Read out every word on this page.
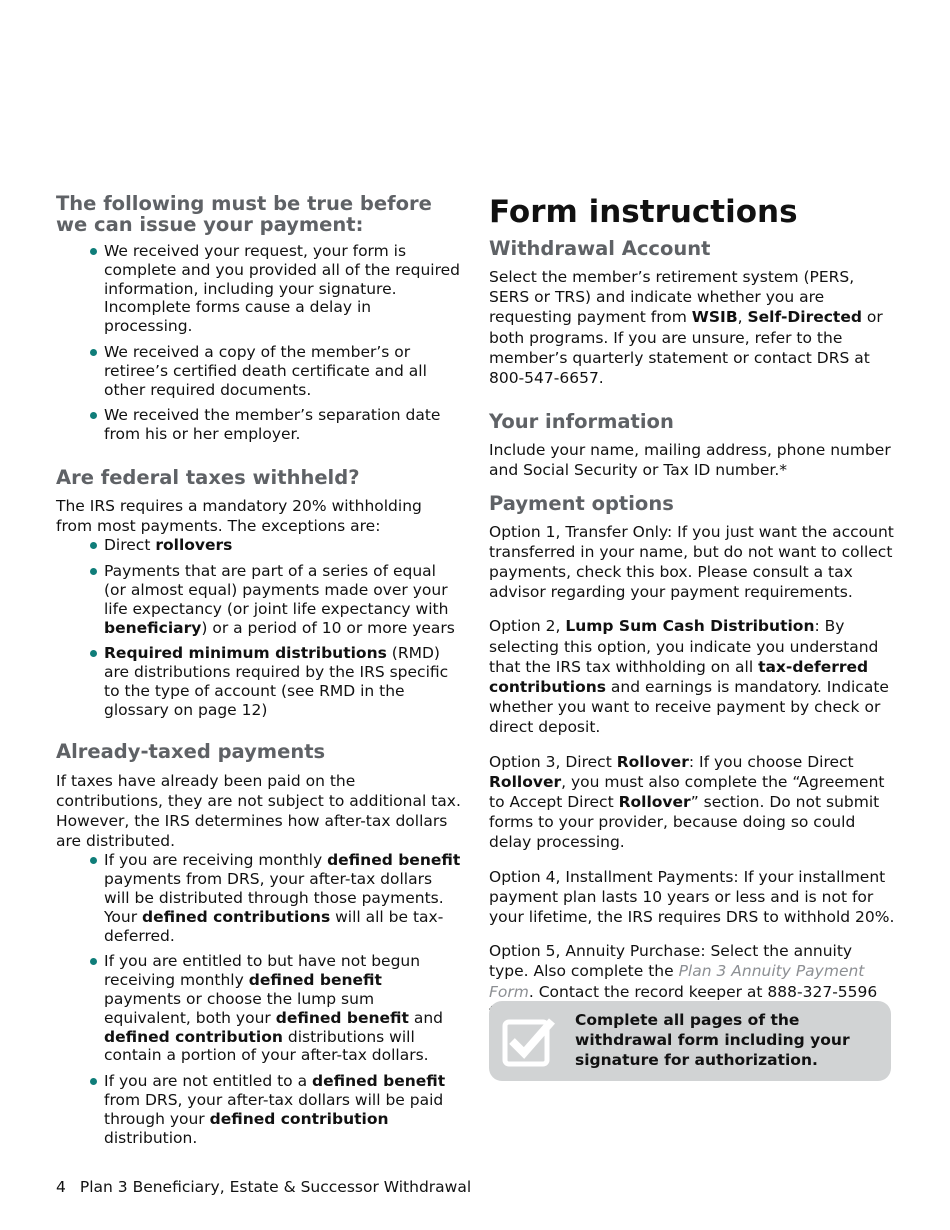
The following must be true before we can issue your payment:
We received your request, your form is complete and you provided all of the required information, including your signature. Incomplete forms cause a delay in processing.
We received a copy of the member’s or retiree’s certified death certificate and all other required documents.
We received the member’s separation date from his or her employer.
Are federal taxes withheld?

The IRS requires a mandatory 20% withholding from most payments. The exceptions are:

Direct rollovers
Payments that are part of a series of equal (or almost equal) payments made over your life expectancy (or joint life expectancy with beneficiary) or a period of 10 or more years
Required minimum distributions (RMD) are distributions required by the IRS specific to the type of account (see RMD in the glossary on page 12)
Already-taxed payments

If taxes have already been paid on the contributions, they are not subject to additional tax. However, the IRS determines how after-tax dollars are distributed.

If you are receiving monthly defined benefit payments from DRS, your after-tax dollars will be distributed through those payments. Your defined contributions will all be tax-deferred.
If you are entitled to but have not begun receiving monthly defined benefit payments or choose the lump sum equivalent, both your defined benefit and defined contribution distributions will contain a portion of your after-tax dollars.
If you are not entitled to a defined benefit from DRS, your after-tax dollars will be paid through your defined contribution distribution.
Form instructions
Withdrawal Account

Select the member’s retirement system (PERS, SERS or TRS) and indicate whether you are requesting payment from WSIB, Self-Directed or both programs. If you are unsure, refer to the member’s quarterly statement or contact DRS at 800-547-6657.

Your information

Include your name, mailing address, phone number and Social Security or Tax ID number.*

Payment options

Option 1, Transfer Only: If you just want the account transferred in your name, but do not want to collect payments, check this box. Please consult a tax advisor regarding your payment requirements.

Option 2, Lump Sum Cash Distribution: By selecting this option, you indicate you understand that the IRS tax withholding on all tax-deferred contributions and earnings is mandatory. Indicate whether you want to receive payment by check or direct deposit.

Option 3, Direct Rollover: If you choose Direct Rollover, you must also complete the “Agreement to Accept Direct Rollover” section. Do not submit forms to your provider, because doing so could delay processing.

Option 4, Installment Payments: If your installment payment plan lasts 10 years or less and is not for your lifetime, the IRS requires DRS to withhold 20%.

Option 5, Annuity Purchase: Select the annuity type. Also complete the Plan 3 Annuity Payment Form. Contact the record keeper at 888-327-5596

Complete all pages of the withdrawal form including your signature for authorization.
4 Plan 3 Beneficiary, Estate & Successor Withdrawal
